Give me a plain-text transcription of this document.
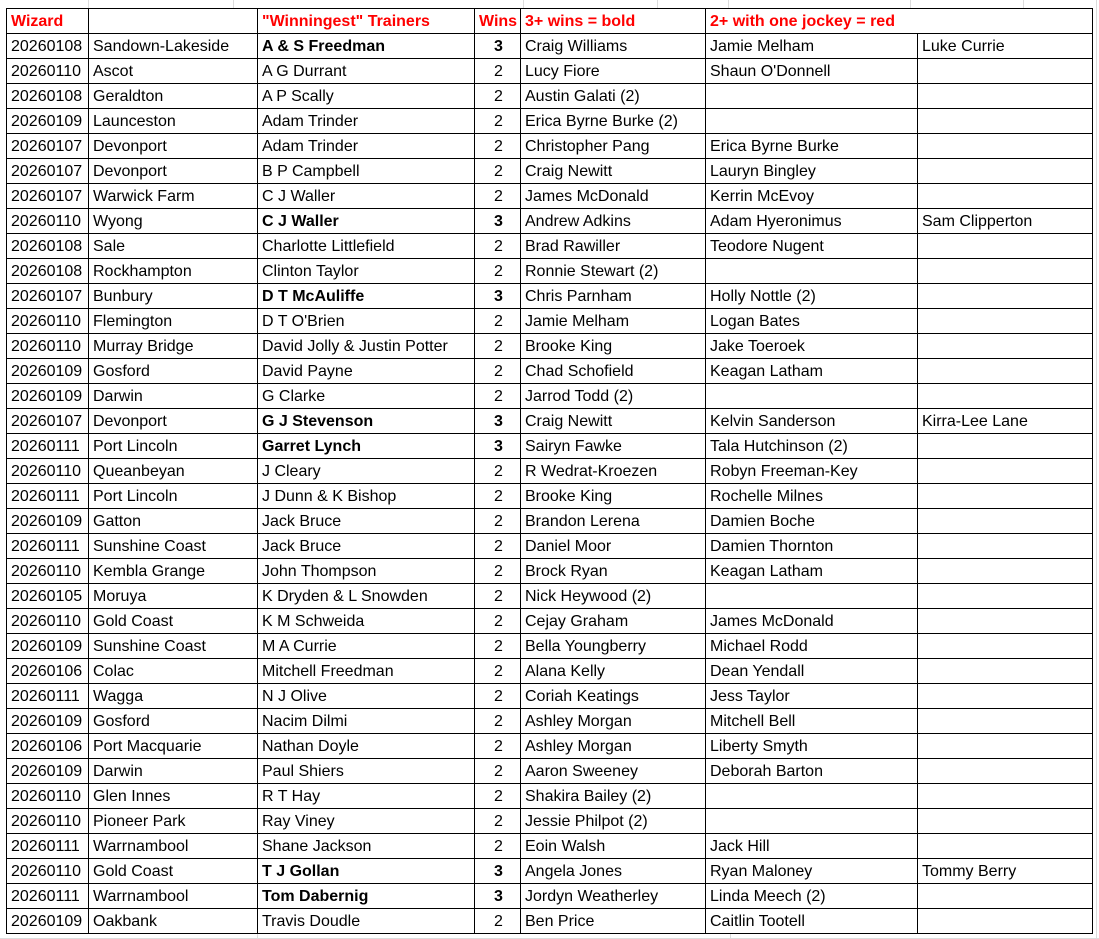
Wizard		"Winningest" Trainers	Wins	3+ wins = bold	2+ with one jockey = red	
20260108	Sandown-Lakeside	A & S Freedman	3	Craig Williams	Jamie Melham	Luke Currie
20260110	Ascot	A G Durrant	2	Lucy Fiore	Shaun O'Donnell	
20260108	Geraldton	A P Scally	2	Austin Galati (2)		
20260109	Launceston	Adam Trinder	2	Erica Byrne Burke (2)		
20260107	Devonport	Adam Trinder	2	Christopher Pang	Erica Byrne Burke	
20260107	Devonport	B P Campbell	2	Craig Newitt	Lauryn Bingley	
20260107	Warwick Farm	C J Waller	2	James McDonald	Kerrin McEvoy	
20260110	Wyong	C J Waller	3	Andrew Adkins	Adam Hyeronimus	Sam Clipperton
20260108	Sale	Charlotte Littlefield	2	Brad Rawiller	Teodore Nugent	
20260108	Rockhampton	Clinton Taylor	2	Ronnie Stewart (2)		
20260107	Bunbury	D T McAuliffe	3	Chris Parnham	Holly Nottle (2)	
20260110	Flemington	D T O'Brien	2	Jamie Melham	Logan Bates	
20260110	Murray Bridge	David Jolly & Justin Potter	2	Brooke King	Jake Toeroek	
20260109	Gosford	David Payne	2	Chad Schofield	Keagan Latham	
20260109	Darwin	G Clarke	2	Jarrod Todd (2)		
20260107	Devonport	G J Stevenson	3	Craig Newitt	Kelvin Sanderson	Kirra-Lee Lane
20260111	Port Lincoln	Garret Lynch	3	Sairyn Fawke	Tala Hutchinson (2)	
20260110	Queanbeyan	J Cleary	2	R Wedrat-Kroezen	Robyn Freeman-Key	
20260111	Port Lincoln	J Dunn & K Bishop	2	Brooke King	Rochelle Milnes	
20260109	Gatton	Jack Bruce	2	Brandon Lerena	Damien Boche	
20260111	Sunshine Coast	Jack Bruce	2	Daniel Moor	Damien Thornton	
20260110	Kembla Grange	John Thompson	2	Brock Ryan	Keagan Latham	
20260105	Moruya	K Dryden & L Snowden	2	Nick Heywood (2)		
20260110	Gold Coast	K M Schweida	2	Cejay Graham	James McDonald	
20260109	Sunshine Coast	M A Currie	2	Bella Youngberry	Michael Rodd	
20260106	Colac	Mitchell Freedman	2	Alana Kelly	Dean Yendall	
20260111	Wagga	N J Olive	2	Coriah Keatings	Jess Taylor	
20260109	Gosford	Nacim Dilmi	2	Ashley Morgan	Mitchell Bell	
20260106	Port Macquarie	Nathan Doyle	2	Ashley Morgan	Liberty Smyth	
20260109	Darwin	Paul Shiers	2	Aaron Sweeney	Deborah Barton	
20260110	Glen Innes	R T Hay	2	Shakira Bailey (2)		
20260110	Pioneer Park	Ray Viney	2	Jessie Philpot (2)		
20260111	Warrnambool	Shane Jackson	2	Eoin Walsh	Jack Hill	
20260110	Gold Coast	T J Gollan	3	Angela Jones	Ryan Maloney	Tommy Berry
20260111	Warrnambool	Tom Dabernig	3	Jordyn Weatherley	Linda Meech (2)	
20260109	Oakbank	Travis Doudle	2	Ben Price	Caitlin Tootell	
